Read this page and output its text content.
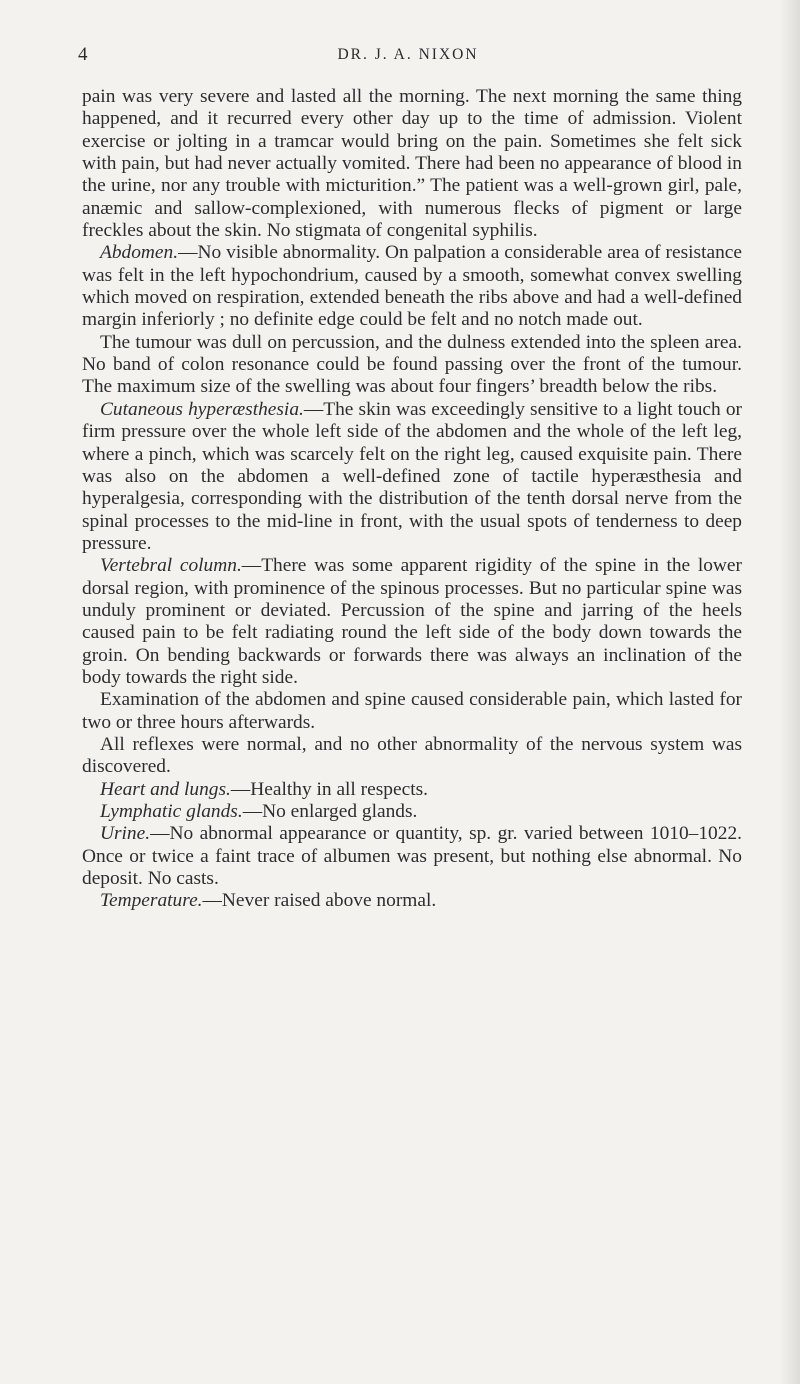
4	DR. J. A. NIXON

pain was very severe and lasted all the morning. The next morning the same thing happened, and it recurred every other day up to the time of admission. Violent exercise or jolting in a tramcar would bring on the pain. Sometimes she felt sick with pain, but had never actually vomited. There had been no appearance of blood in the urine, nor any trouble with micturition.” The patient was a well-grown girl, pale, anæmic and sallow-complexioned, with numerous flecks of pigment or large freckles about the skin. No stigmata of congenital syphilis.

Abdomen.—No visible abnormality. On palpation a considerable area of resistance was felt in the left hypochondrium, caused by a smooth, somewhat convex swelling which moved on respiration, extended beneath the ribs above and had a well-defined margin inferiorly ; no definite edge could be felt and no notch made out.

The tumour was dull on percussion, and the dulness extended into the spleen area. No band of colon resonance could be found passing over the front of the tumour. The maximum size of the swelling was about four fingers’ breadth below the ribs.

Cutaneous hyperæsthesia.—The skin was exceedingly sensitive to a light touch or firm pressure over the whole left side of the abdomen and the whole of the left leg, where a pinch, which was scarcely felt on the right leg, caused exquisite pain. There was also on the abdomen a well-defined zone of tactile hyperæsthesia and hyperalgesia, corresponding with the distribution of the tenth dorsal nerve from the spinal processes to the mid-line in front, with the usual spots of tenderness to deep pressure.

Vertebral column.—There was some apparent rigidity of the spine in the lower dorsal region, with prominence of the spinous processes. But no particular spine was unduly prominent or deviated. Percussion of the spine and jarring of the heels caused pain to be felt radiating round the left side of the body down towards the groin. On bending backwards or forwards there was always an inclination of the body towards the right side.

Examination of the abdomen and spine caused considerable pain, which lasted for two or three hours afterwards.

All reflexes were normal, and no other abnormality of the nervous system was discovered.

Heart and lungs.—Healthy in all respects.

Lymphatic glands.—No enlarged glands.

Urine.—No abnormal appearance or quantity, sp. gr. varied between 1010–1022. Once or twice a faint trace of albumen was present, but nothing else abnormal. No deposit. No casts.

Temperature.—Never raised above normal.
